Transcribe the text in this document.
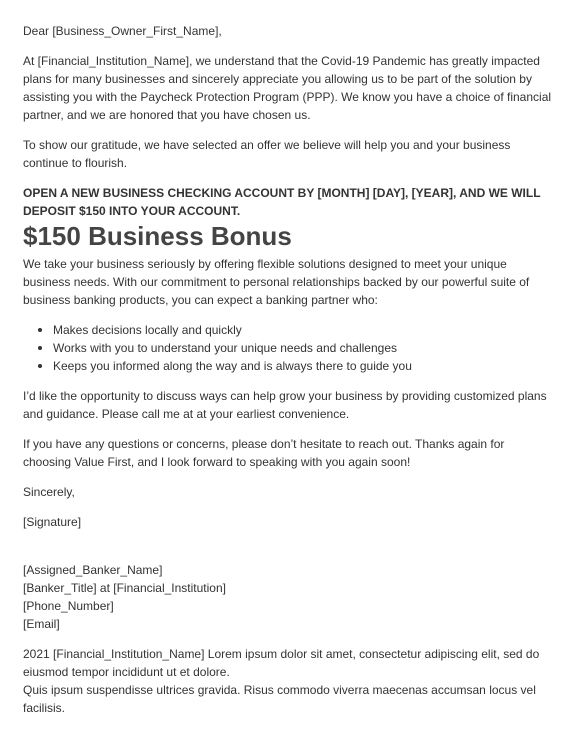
Dear [Business_Owner_First_Name],

At [Financial_Institution_Name], we understand that the Covid-19 Pandemic has greatly impacted plans for many businesses and sincerely appreciate you allowing us to be part of the solution by assisting you with the Paycheck Protection Program (PPP). We know you have a choice of financial partner, and we are honored that you have chosen us.

To show our gratitude, we have selected an offer we believe will help you and your business continue to flourish.

OPEN A NEW BUSINESS CHECKING ACCOUNT BY [MONTH] [DAY], [YEAR], AND WE WILL DEPOSIT $150 INTO YOUR ACCOUNT.

$150 Business Bonus

We take your business seriously by offering flexible solutions designed to meet your unique business needs. With our commitment to personal relationships backed by our powerful suite of business banking products, you can expect a banking partner who:

Makes decisions locally and quickly
Works with you to understand your unique needs and challenges
Keeps you informed along the way and is always there to guide you

I’d like the opportunity to discuss ways can help grow your business by providing customized plans and guidance. Please call me at at your earliest convenience.

If you have any questions or concerns, please don’t hesitate to reach out. Thanks again for choosing Value First, and I look forward to speaking with you again soon!

Sincerely,

[Signature]

[Assigned_Banker_Name]
[Banker_Title] at [Financial_Institution]
[Phone_Number]
[Email]
2021 [Financial_Institution_Name] Lorem ipsum dolor sit amet, consectetur adipiscing elit, sed do eiusmod tempor incididunt ut et dolore.
Quis ipsum suspendisse ultrices gravida. Risus commodo viverra maecenas accumsan locus vel facilisis.
